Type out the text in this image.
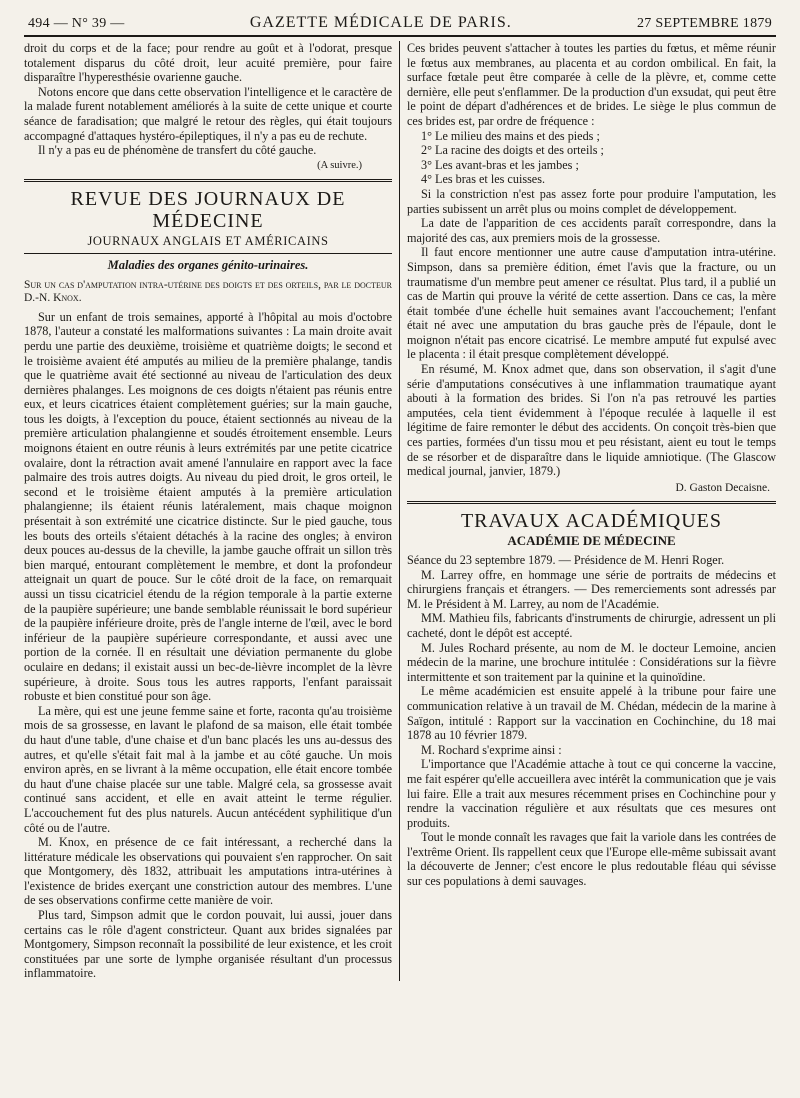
494 — N° 39 —	GAZETTE MÉDICALE DE PARIS.	27 SEPTEMBRE 1879

droit du corps et de la face; pour rendre au goût et à l'odorat, presque totalement disparus du côté droit, leur acuité première, pour faire disparaître l'hyperesthésie ovarienne gauche.

Notons encore que dans cette observation l'intelligence et le caractère de la malade furent notablement améliorés à la suite de cette unique et courte séance de faradisation; que malgré le retour des règles, qui était toujours accompagné d'attaques hystéro-épileptiques, il n'y a pas eu de rechute.

Il n'y a pas eu de phénomène de transfert du côté gauche.

(A suivre.)
REVUE DES JOURNAUX DE MÉDECINE
JOURNAUX ANGLAIS ET AMÉRICAINS
Maladies des organes génito-urinaires.

Sur un cas d'amputation intra-utérine des doigts et des orteils, par le docteur D.-N. Knox.

Sur un enfant de trois semaines, apporté à l'hôpital au mois d'octobre 1878, l'auteur a constaté les malformations suivantes : La main droite avait perdu une partie des deuxième, troisième et quatrième doigts; le second et le troisième avaient été amputés au milieu de la première phalange, tandis que le quatrième avait été sectionné au niveau de l'articulation des deux dernières phalanges. Les moignons de ces doigts n'étaient pas réunis entre eux, et leurs cicatrices étaient complètement guéries; sur la main gauche, tous les doigts, à l'exception du pouce, étaient sectionnés au niveau de la première articulation phalangienne et soudés étroitement ensemble. Leurs moignons étaient en outre réunis à leurs extrémités par une petite cicatrice ovalaire, dont la rétraction avait amené l'annulaire en rapport avec la face palmaire des trois autres doigts. Au niveau du pied droit, le gros orteil, le second et le troisième étaient amputés à la première articulation phalangienne; ils étaient réunis latéralement, mais chaque moignon présentait à son extrémité une cicatrice distincte. Sur le pied gauche, tous les bouts des orteils s'étaient détachés à la racine des ongles; à environ deux pouces au-dessus de la cheville, la jambe gauche offrait un sillon très bien marqué, entourant complètement le membre, et dont la profondeur atteignait un quart de pouce. Sur le côté droit de la face, on remarquait aussi un tissu cicatriciel étendu de la région temporale à la partie externe de la paupière supérieure; une bande semblable réunissait le bord supérieur de la paupière inférieure droite, près de l'angle interne de l'œil, avec le bord inférieur de la paupière supérieure correspondante, et aussi avec une portion de la cornée. Il en résultait une déviation permanente du globe oculaire en dedans; il existait aussi un bec-de-lièvre incomplet de la lèvre supérieure, à droite. Sous tous les autres rapports, l'enfant paraissait robuste et bien constitué pour son âge.

La mère, qui est une jeune femme saine et forte, raconta qu'au troisième mois de sa grossesse, en lavant le plafond de sa maison, elle était tombée du haut d'une table, d'une chaise et d'un banc placés les uns au-dessus des autres, et qu'elle s'était fait mal à la jambe et au côté gauche. Un mois environ après, en se livrant à la même occupation, elle était encore tombée du haut d'une chaise placée sur une table. Malgré cela, sa grossesse avait continué sans accident, et elle en avait atteint le terme régulier. L'accouchement fut des plus naturels. Aucun antécédent syphilitique d'un côté ou de l'autre.

M. Knox, en présence de ce fait intéressant, a recherché dans la littérature médicale les observations qui pouvaient s'en rapprocher. On sait que Montgomery, dès 1832, attribuait les amputations intra-utérines à l'existence de brides exerçant une constriction autour des membres. L'une de ses observations confirme cette manière de voir.

Plus tard, Simpson admit que le cordon pouvait, lui aussi, jouer dans certains cas le rôle d'agent constricteur. Quant aux brides signalées par Montgomery, Simpson reconnaît la possibilité de leur existence, et les croit constituées par une sorte de lymphe organisée résultant d'un processus inflammatoire.

Ces brides peuvent s'attacher à toutes les parties du fœtus, et même réunir le fœtus aux membranes, au placenta et au cordon ombilical. En fait, la surface fœtale peut être comparée à celle de la plèvre, et, comme cette dernière, elle peut s'enflammer. De la production d'un exsudat, qui peut être le point de départ d'adhérences et de brides. Le siège le plus commun de ces brides est, par ordre de fréquence :

1° Le milieu des mains et des pieds ;

2° La racine des doigts et des orteils ;

3° Les avant-bras et les jambes ;

4° Les bras et les cuisses.

Si la constriction n'est pas assez forte pour produire l'amputation, les parties subissent un arrêt plus ou moins complet de développement.

La date de l'apparition de ces accidents paraît correspondre, dans la majorité des cas, aux premiers mois de la grossesse.

Il faut encore mentionner une autre cause d'amputation intra-utérine. Simpson, dans sa première édition, émet l'avis que la fracture, ou un traumatisme d'un membre peut amener ce résultat. Plus tard, il a publié un cas de Martin qui prouve la vérité de cette assertion. Dans ce cas, la mère était tombée d'une échelle huit semaines avant l'accouchement; l'enfant était né avec une amputation du bras gauche près de l'épaule, dont le moignon n'était pas encore cicatrisé. Le membre amputé fut expulsé avec le placenta : il était presque complètement développé.

En résumé, M. Knox admet que, dans son observation, il s'agit d'une série d'amputations consécutives à une inflammation traumatique ayant abouti à la formation des brides. Si l'on n'a pas retrouvé les parties amputées, cela tient évidemment à l'époque reculée à laquelle il est légitime de faire remonter le début des accidents. On conçoit très-bien que ces parties, formées d'un tissu mou et peu résistant, aient eu tout le temps de se résorber et de disparaître dans le liquide amniotique. (The Glascow medical journal, janvier, 1879.)

D. Gaston Decaisne.
TRAVAUX ACADÉMIQUES
ACADÉMIE DE MÉDECINE

Séance du 23 septembre 1879. — Présidence de M. Henri Roger.

M. Larrey offre, en hommage une série de portraits de médecins et chirurgiens français et étrangers. — Des remerciements sont adressés par M. le Président à M. Larrey, au nom de l'Académie.

MM. Mathieu fils, fabricants d'instruments de chirurgie, adressent un pli cacheté, dont le dépôt est accepté.

M. Jules Rochard présente, au nom de M. le docteur Lemoine, ancien médecin de la marine, une brochure intitulée : Considérations sur la fièvre intermittente et son traitement par la quinine et la quinoïdine.

Le même académicien est ensuite appelé à la tribune pour faire une communication relative à un travail de M. Chédan, médecin de la marine à Saïgon, intitulé : Rapport sur la vaccination en Cochinchine, du 18 mai 1878 au 10 février 1879.

M. Rochard s'exprime ainsi :

L'importance que l'Académie attache à tout ce qui concerne la vaccine, me fait espérer qu'elle accueillera avec intérêt la communication que je vais lui faire. Elle a trait aux mesures récemment prises en Cochinchine pour y rendre la vaccination régulière et aux résultats que ces mesures ont produits.

Tout le monde connaît les ravages que fait la variole dans les contrées de l'extrême Orient. Ils rappellent ceux que l'Europe elle-même subissait avant la découverte de Jenner; c'est encore le plus redoutable fléau qui sévisse sur ces populations à demi sauvages.
